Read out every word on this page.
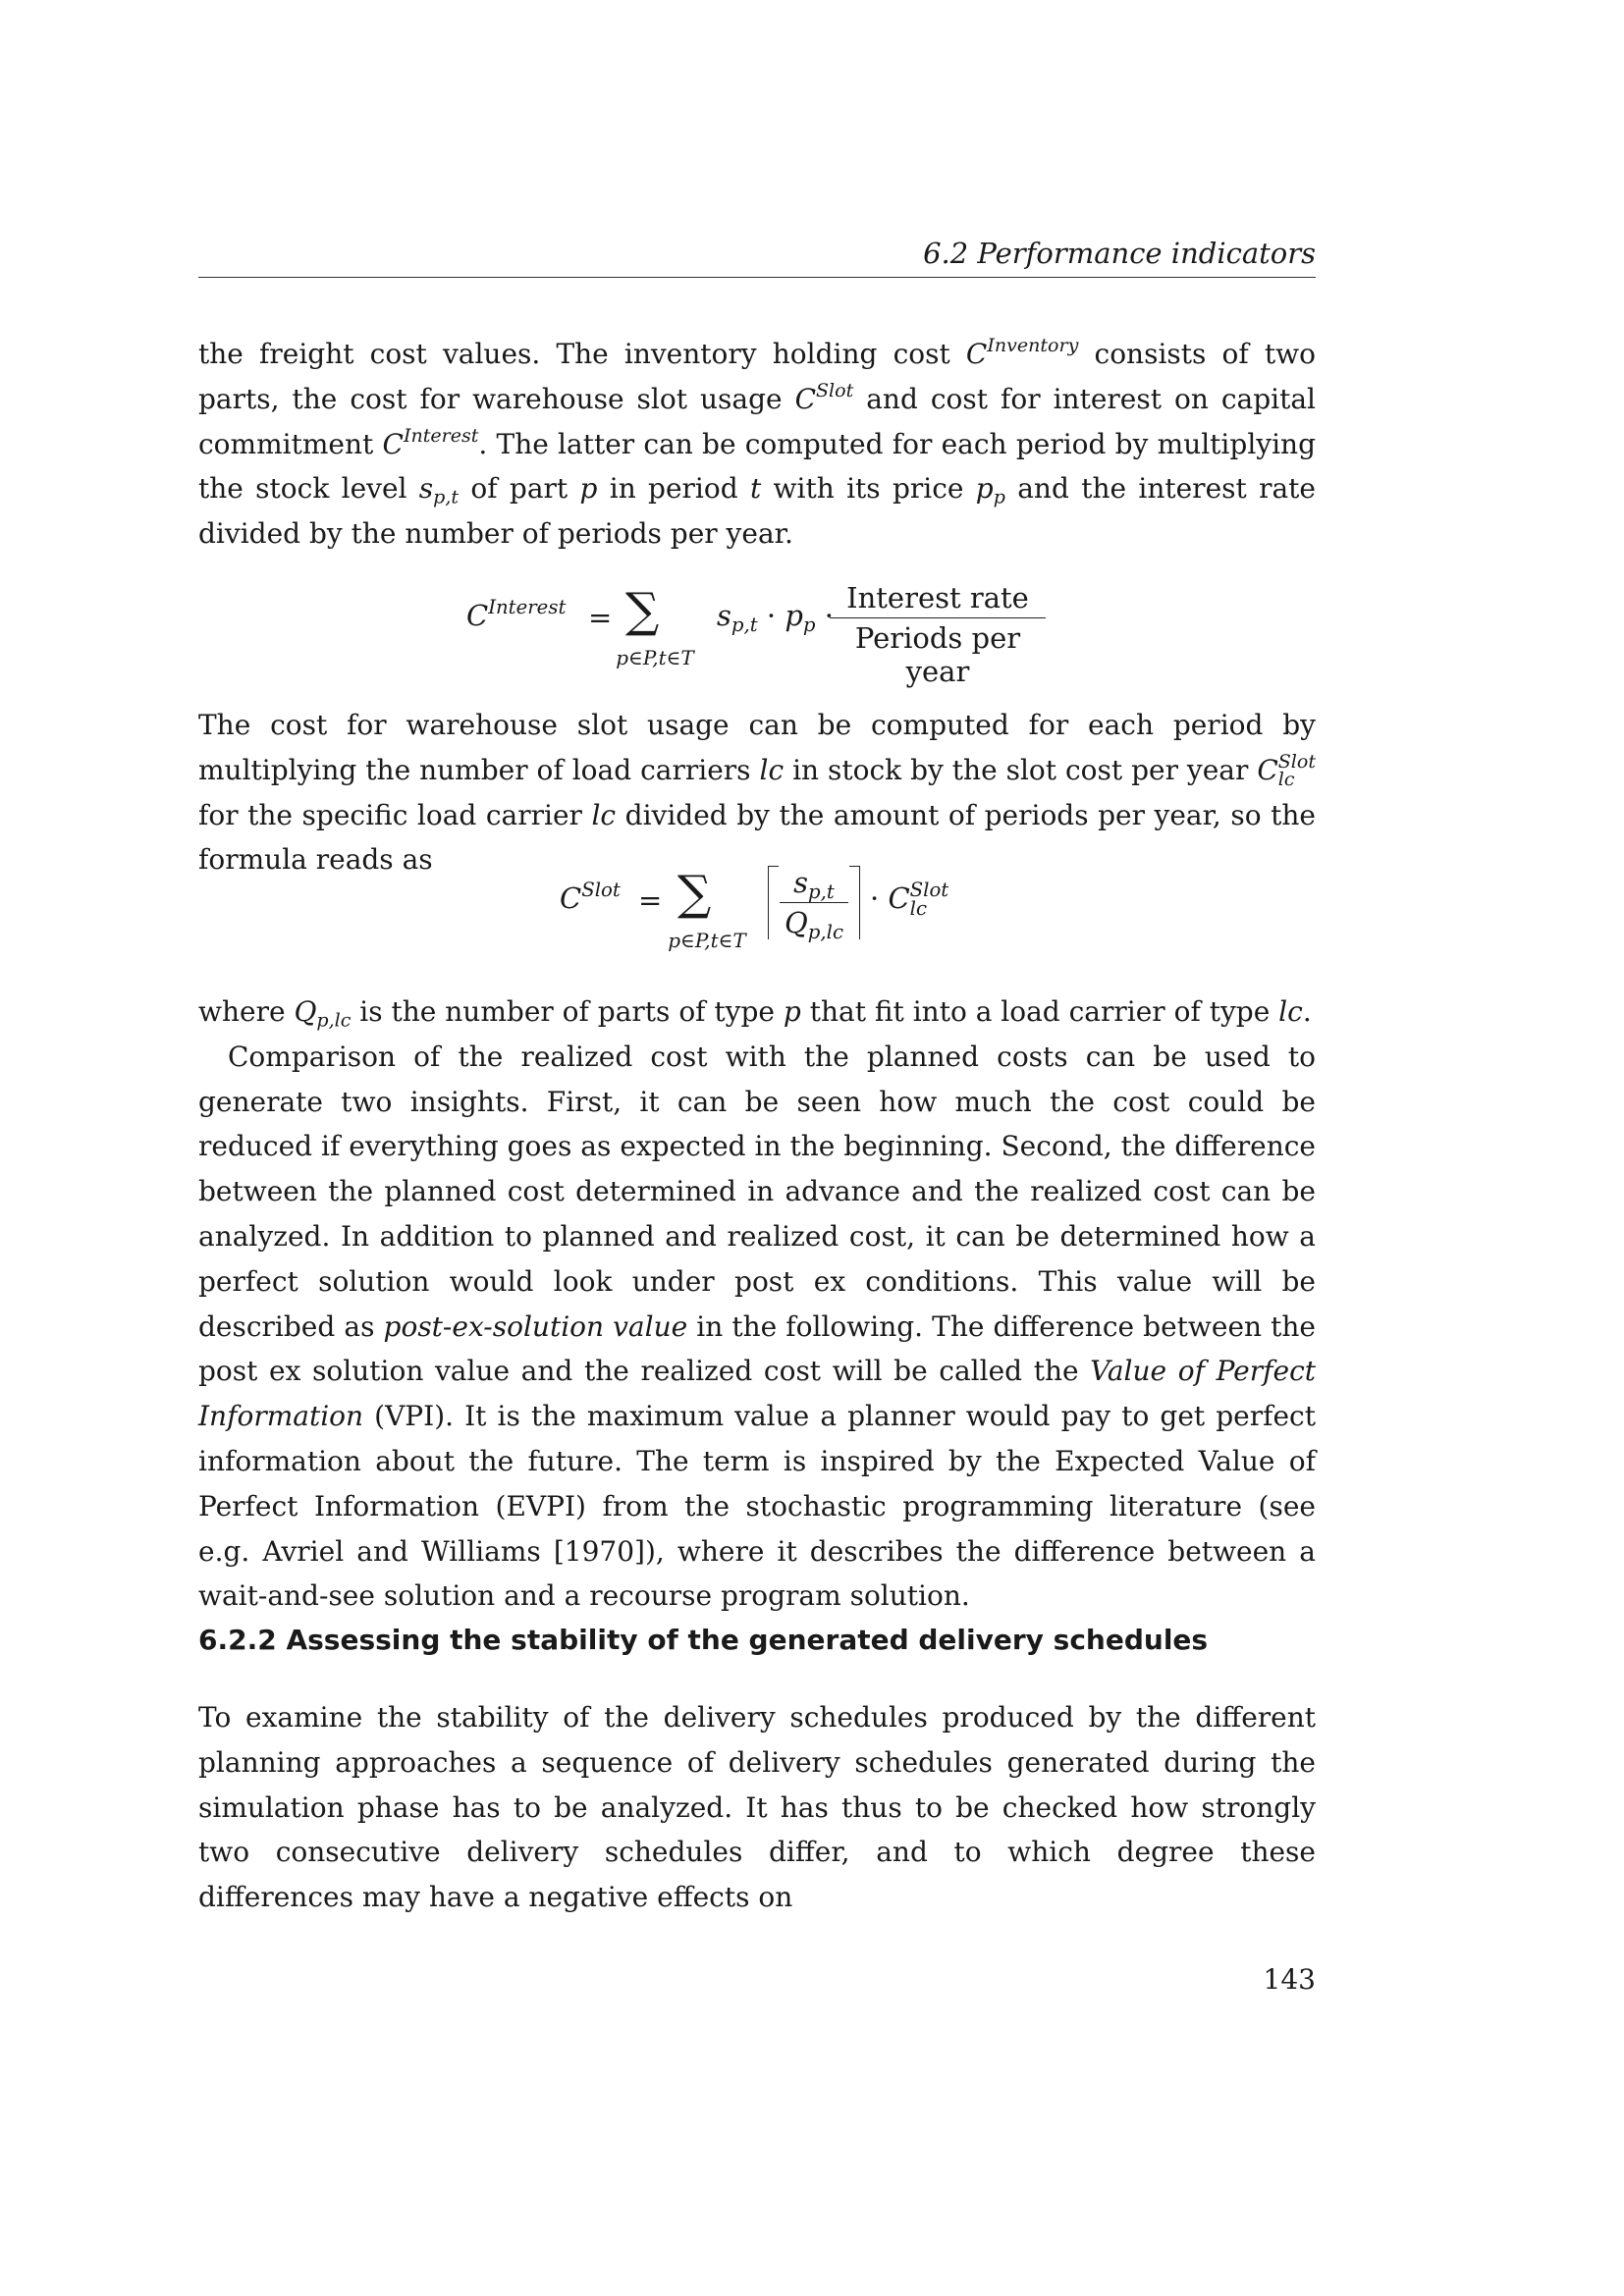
6.2 Performance indicators

the freight cost values. The inventory holding cost $C^{Inventory}$ consists of two parts, the cost for warehouse slot usage $C^{Slot}$ and cost for interest on capital commitment $C^{Interest}$. The latter can be computed for each period by multiplying the stock level $s_{p,t}$ of part p in period t with its price $p_p$ and the interest rate divided by the number of periods per year.

$C^{Interest}$ = ∑
p∈P,t∈T
$s_{p,t} \cdot p_p$ ·
Interest rate
Periods per year

The cost for warehouse slot usage can be computed for each period by multiplying the number of load carriers lc in stock by the slot cost per year C Slot
lc
for the specific load carrier lc divided by the amount of periods per year, so the formula reads as

$C^{Slot}$ = ∑
p∈P,t∈T
$s_{p,t}$
$Q_{p,lc}$
· C Slot
lc

where $Q_{p,lc}$ is the number of parts of type p that fit into a load carrier of type lc.

Comparison of the realized cost with the planned costs can be used to generate two insights. First, it can be seen how much the cost could be reduced if everything goes as expected in the beginning. Second, the difference between the planned cost determined in advance and the realized cost can be analyzed. In addition to planned and realized cost, it can be determined how a perfect solution would look under post ex conditions. This value will be described as post-ex-solution value in the following. The difference between the post ex solution value and the realized cost will be called the Value of Perfect Information (VPI). It is the maximum value a planner would pay to get perfect information about the future. The term is inspired by the Expected Value of Perfect Information (EVPI) from the stochastic programming literature (see e.g. Avriel and Williams [1970]), where it describes the difference between a wait-and-see solution and a recourse program solution.

6.2.2 Assessing the stability of the generated delivery schedules

To examine the stability of the delivery schedules produced by the different planning approaches a sequence of delivery schedules generated during the simulation phase has to be analyzed. It has thus to be checked how strongly two consecutive delivery schedules differ, and to which degree these differences may have a negative effects on

143
